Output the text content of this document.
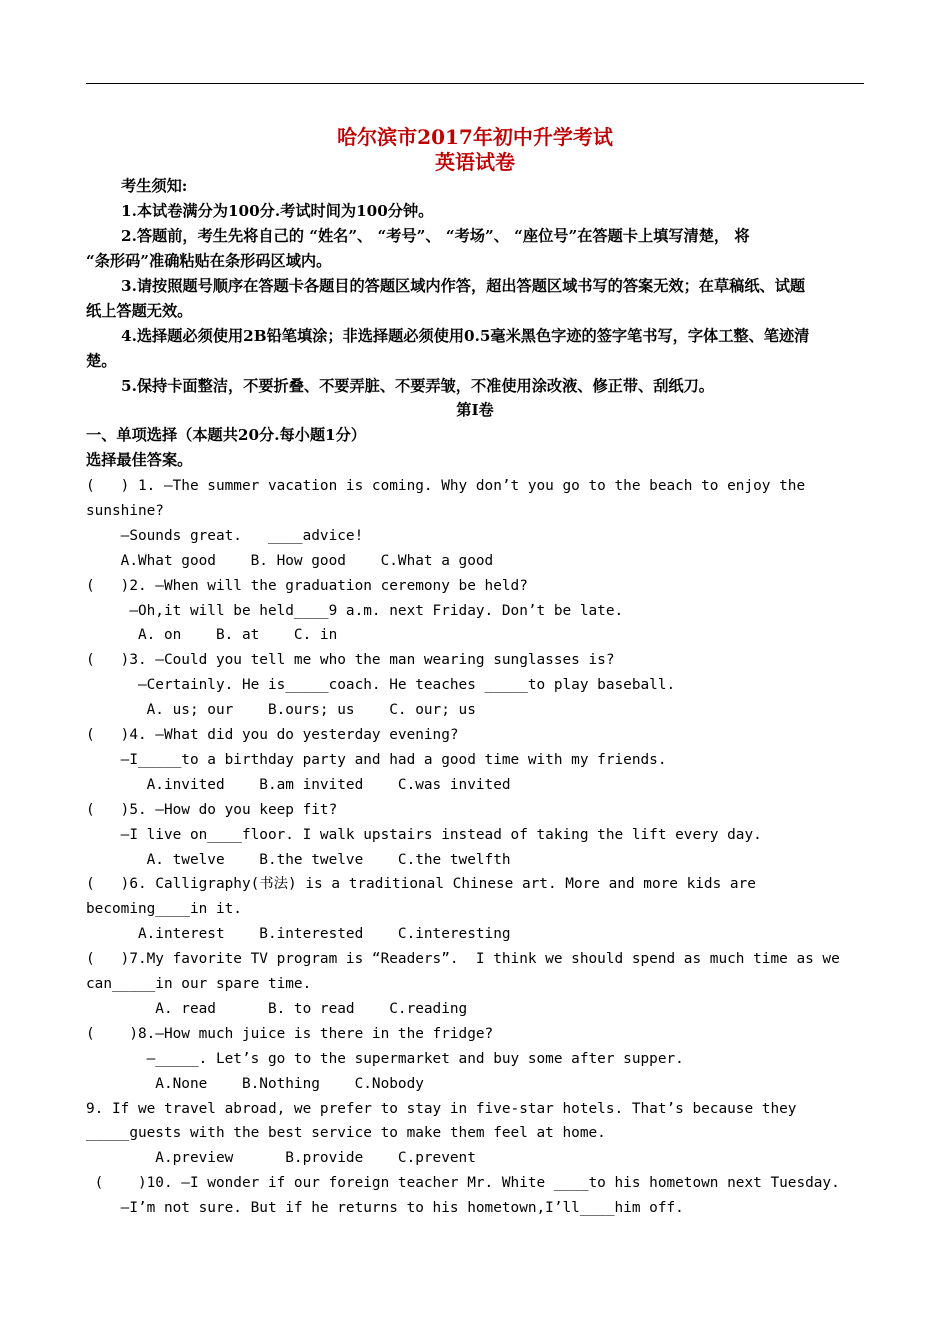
哈尔滨市2017年初中升学考试
英语试卷
考生须知:
1.本试卷满分为100分.考试时间为100分钟。
2.答题前，考生先将自己的 “姓名”、 “考号”、 “考场”、 “座位号”在答题卡上填写清楚， 将
“条形码”准确粘贴在条形码区域内。
3.请按照题号顺序在答题卡各题目的答题区域内作答，超出答题区域书写的答案无效；在草稿纸、试题
纸上答题无效。
4.选择题必须使用2B铅笔填涂；非选择题必须使用0.5毫米黑色字迹的签字笔书写，字体工整、笔迹清
楚。
5.保持卡面整洁，不要折叠、不要弄脏、不要弄皱，不准使用涂改液、修正带、刮纸刀。
第I卷
一、单项选择（本题共20分.每小题1分）
选择最佳答案。
(   ) 1. —The summer vacation is coming. Why don’t you go to the beach to enjoy the
sunshine?
—Sounds great.   ____advice!
A.What good    B. How good    C.What a good
(   )2. —When will the graduation ceremony be held?
—Oh,it will be held____9 a.m. next Friday. Don’t be late.
A. on    B. at    C. in
(   )3. —Could you tell me who the man wearing sunglasses is?
—Certainly. He is_____coach. He teaches _____to play baseball.
A. us; our    B.ours; us    C. our; us
(   )4. —What did you do yesterday evening?
—I_____to a birthday party and had a good time with my friends.
A.invited    B.am invited    C.was invited
(   )5. —How do you keep fit?
—I live on____floor. I walk upstairs instead of taking the lift every day.
A. twelve    B.the twelve    C.the twelfth
(   )6. Calligraphy(书法) is a traditional Chinese art. More and more kids are
becoming____in it.
A.interest    B.interested    C.interesting
(   )7.My favorite TV program is “Readers”.  I think we should spend as much time as we
can_____in our spare time.
A. read      B. to read    C.reading
(    )8.—How much juice is there in the fridge?
—_____. Let’s go to the supermarket and buy some after supper.
A.None    B.Nothing    C.Nobody
9. If we travel abroad, we prefer to stay in five-star hotels. That’s because they
_____guests with the best service to make them feel at home.
A.preview      B.provide    C.prevent
(    )10. —I wonder if our foreign teacher Mr. White ____to his hometown next Tuesday.
—I’m not sure. But if he returns to his hometown,I’ll____him off.
